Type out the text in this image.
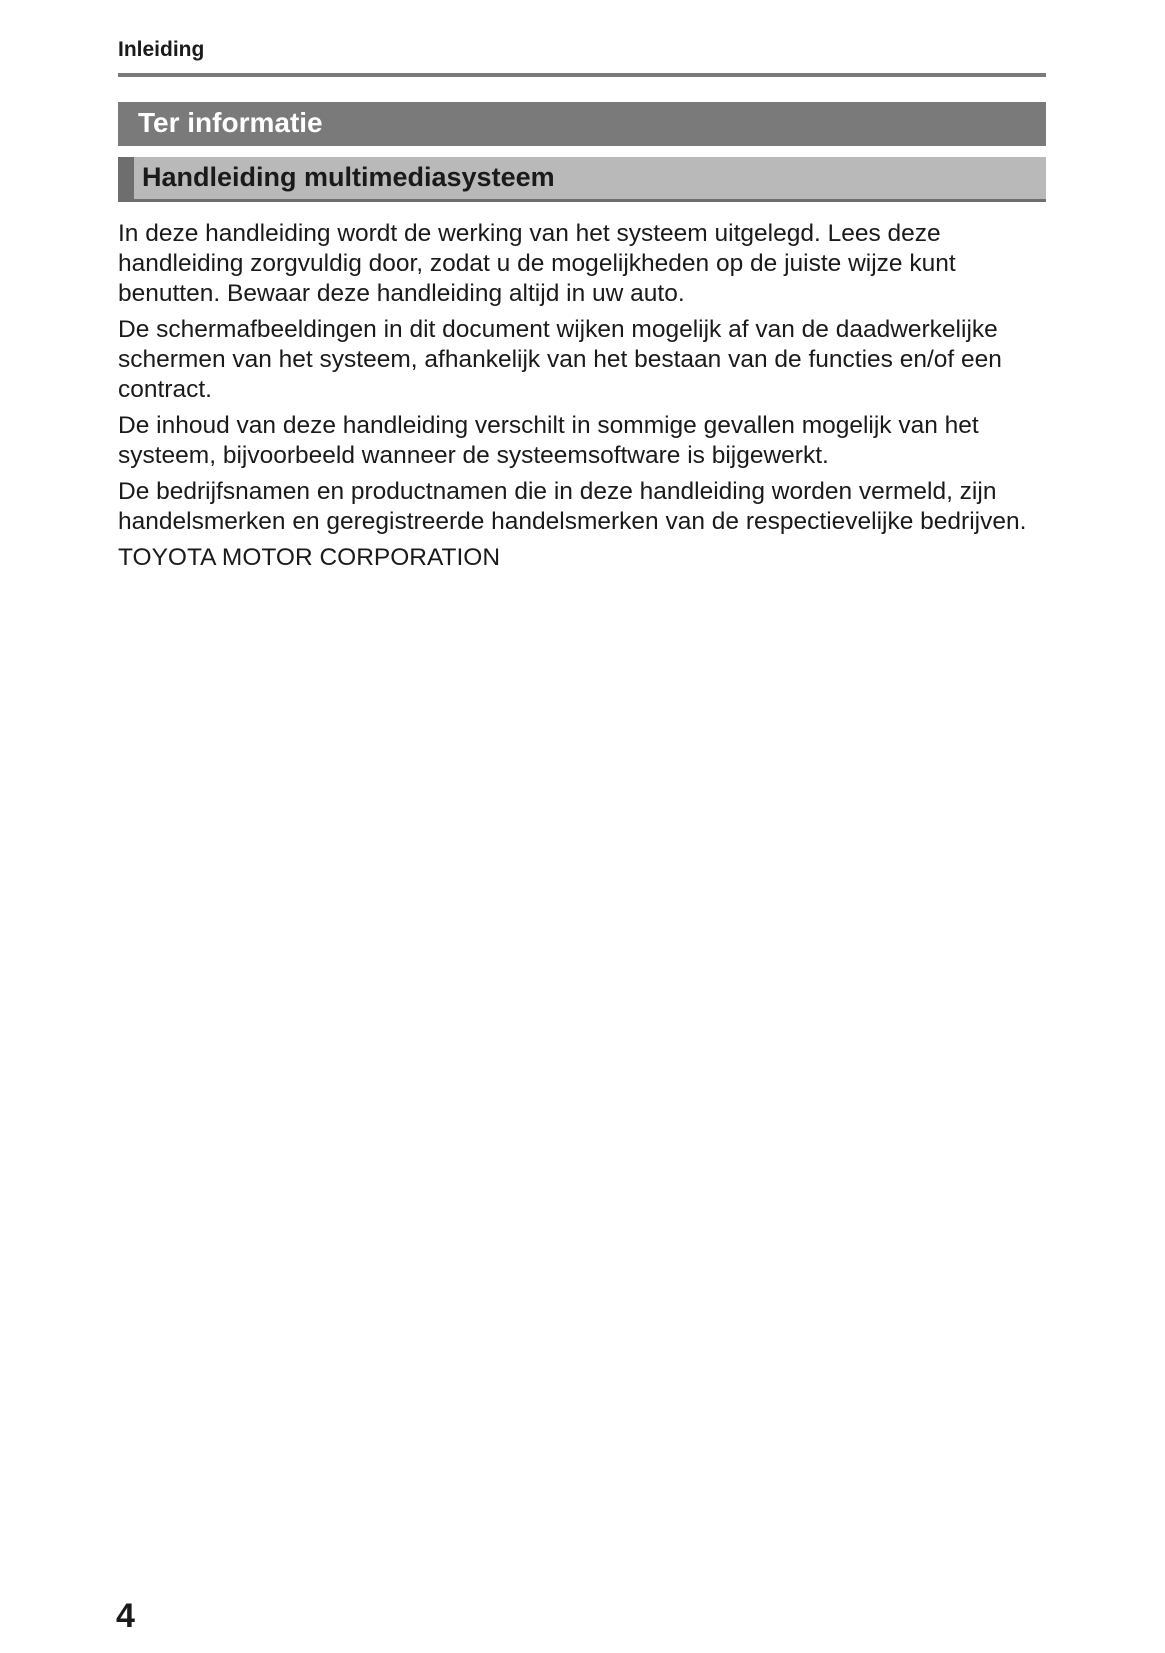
Inleiding
Ter informatie
Handleiding multimediasysteem

In deze handleiding wordt de werking van het systeem uitgelegd. Lees deze handleiding zorgvuldig door, zodat u de mogelijkheden op de juiste wijze kunt benutten. Bewaar deze handleiding altijd in uw auto.

De schermafbeeldingen in dit document wijken mogelijk af van de daadwerkelijke schermen van het systeem, afhankelijk van het bestaan van de functies en/of een contract.

De inhoud van deze handleiding verschilt in sommige gevallen mogelijk van het systeem, bijvoorbeeld wanneer de systeemsoftware is bijgewerkt.

De bedrijfsnamen en productnamen die in deze handleiding worden vermeld, zijn handelsmerken en geregistreerde handelsmerken van de respectievelijke bedrijven.

TOYOTA MOTOR CORPORATION

4
